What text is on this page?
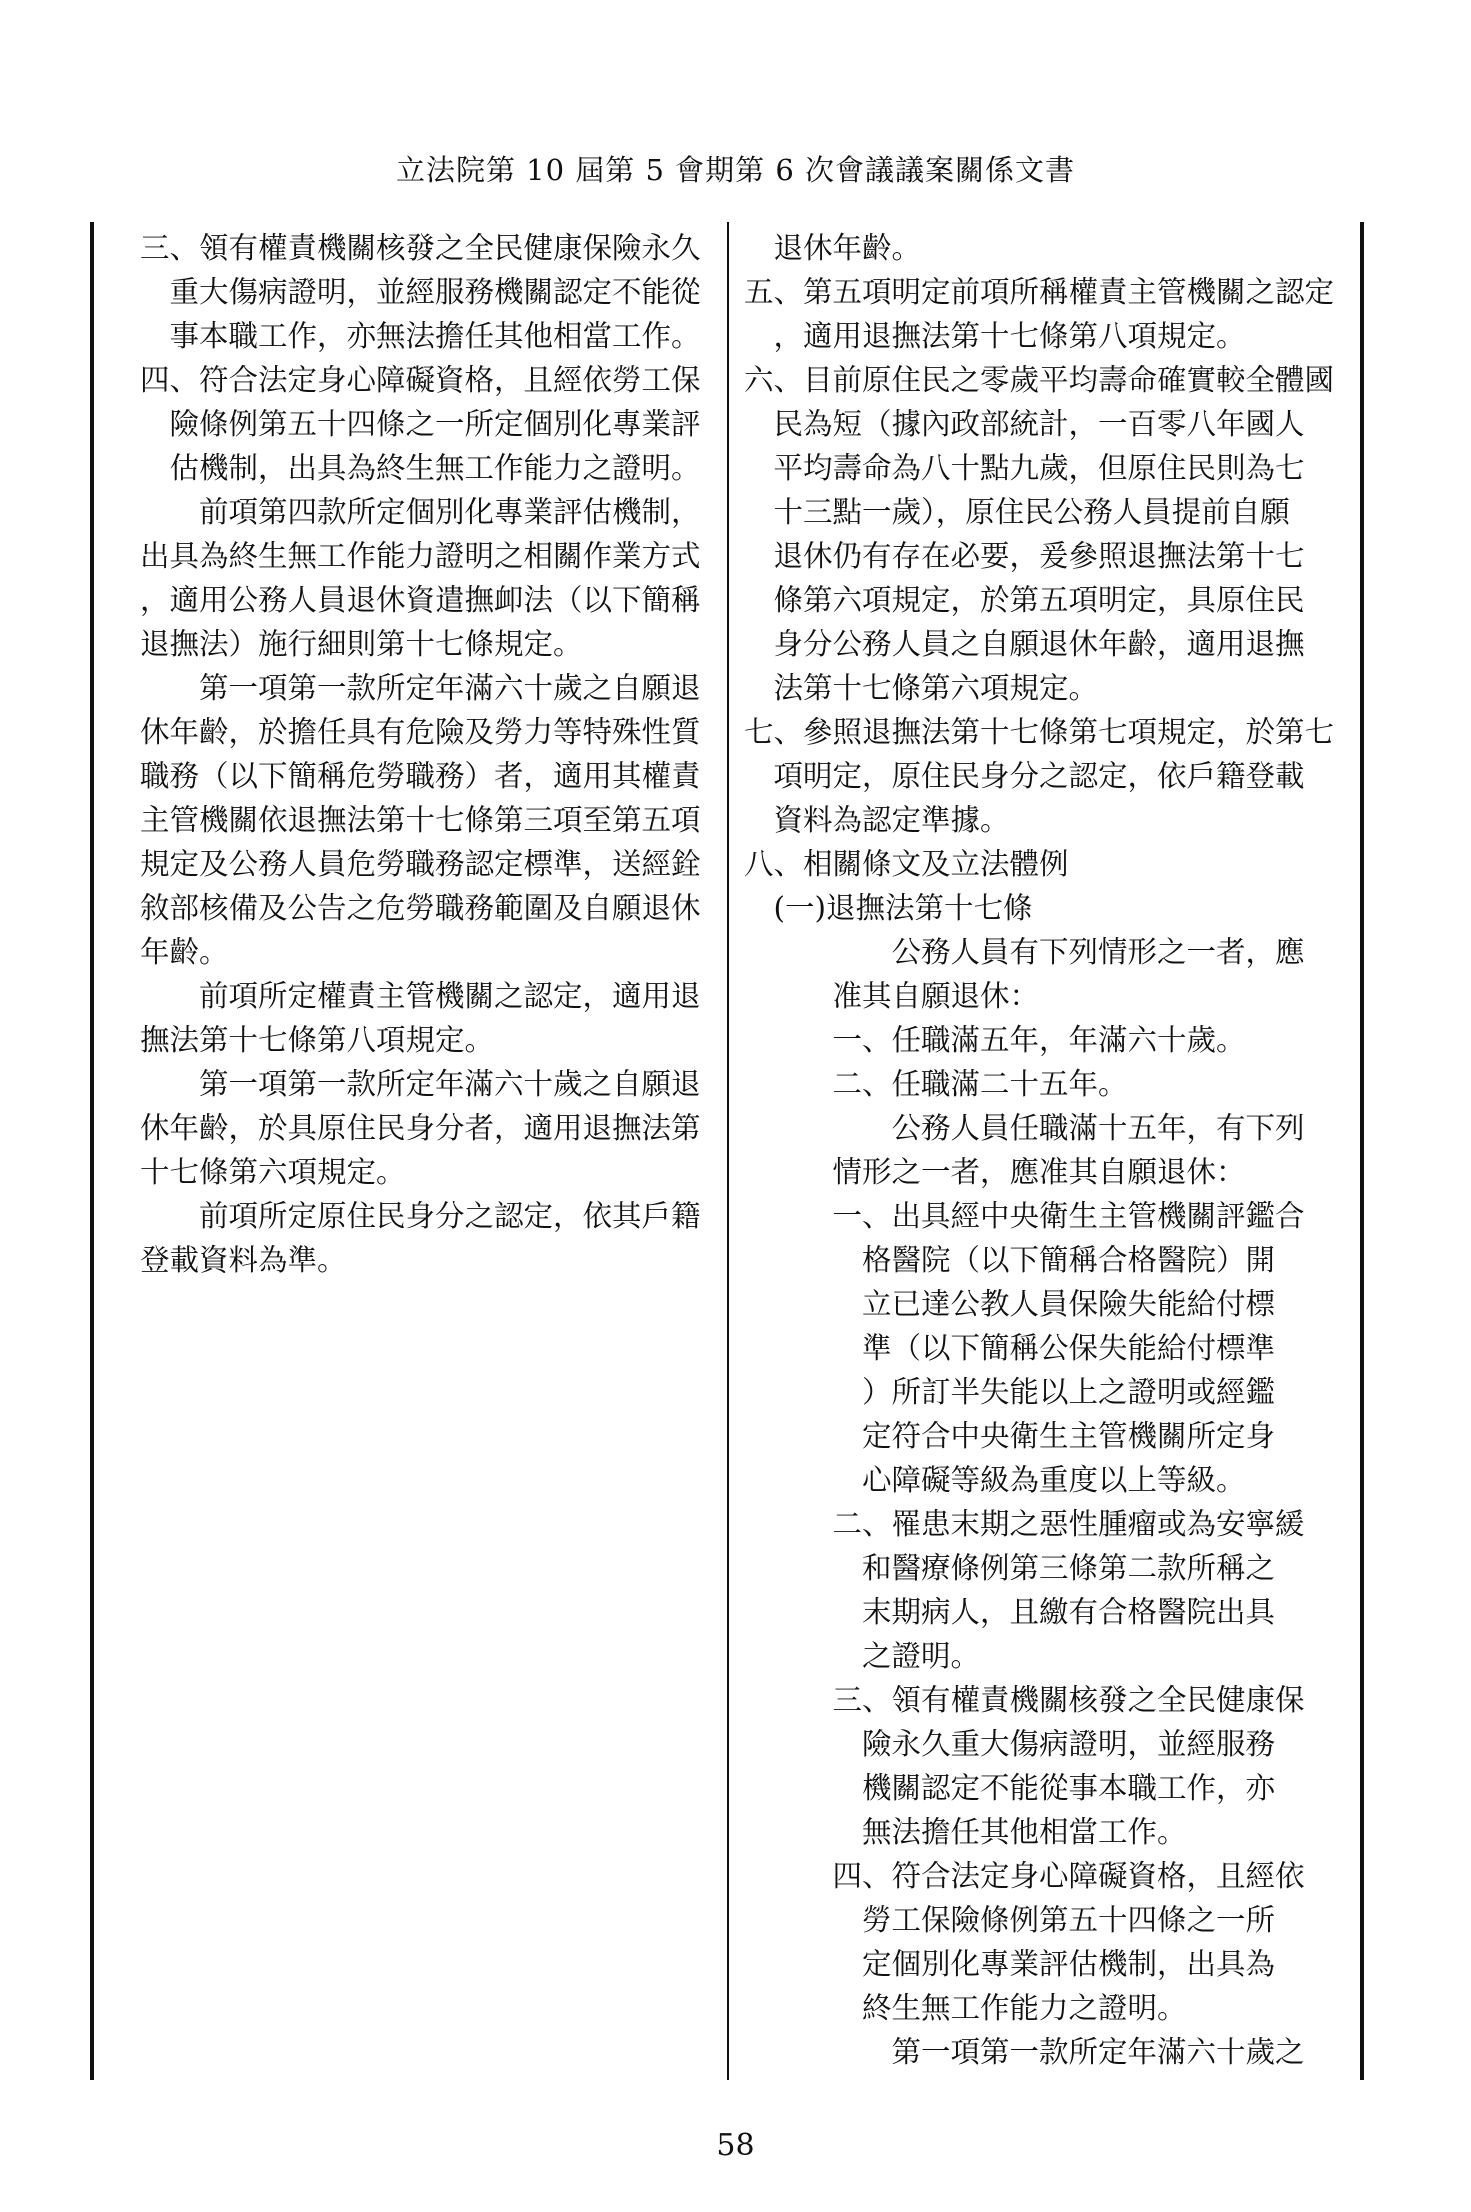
立法院第 10 屆第 5 會期第 6 次會議議案關係文書
三、領有權責機關核發之全民健康保險永久
重大傷病證明，並經服務機關認定不能從
事本職工作，亦無法擔任其他相當工作。
四、符合法定身心障礙資格，且經依勞工保
險條例第五十四條之一所定個別化專業評
估機制，出具為終生無工作能力之證明。
前項第四款所定個別化專業評估機制，
出具為終生無工作能力證明之相關作業方式
，適用公務人員退休資遣撫卹法（以下簡稱
退撫法）施行細則第十七條規定。
第一項第一款所定年滿六十歲之自願退
休年齡，於擔任具有危險及勞力等特殊性質
職務（以下簡稱危勞職務）者，適用其權責
主管機關依退撫法第十七條第三項至第五項
規定及公務人員危勞職務認定標準，送經銓
敘部核備及公告之危勞職務範圍及自願退休
年齡。
前項所定權責主管機關之認定，適用退
撫法第十七條第八項規定。
第一項第一款所定年滿六十歲之自願退
休年齡，於具原住民身分者，適用退撫法第
十七條第六項規定。
前項所定原住民身分之認定，依其戶籍
登載資料為準。
退休年齡。
五、第五項明定前項所稱權責主管機關之認定
，適用退撫法第十七條第八項規定。
六、目前原住民之零歲平均壽命確實較全體國
民為短（據內政部統計，一百零八年國人
平均壽命為八十點九歲，但原住民則為七
十三點一歲），原住民公務人員提前自願
退休仍有存在必要，爰參照退撫法第十七
條第六項規定，於第五項明定，具原住民
身分公務人員之自願退休年齡，適用退撫
法第十七條第六項規定。
七、參照退撫法第十七條第七項規定，於第七
項明定，原住民身分之認定，依戶籍登載
資料為認定準據。
八、相關條文及立法體例
(一)退撫法第十七條
公務人員有下列情形之一者，應
准其自願退休：
一、任職滿五年，年滿六十歲。
二、任職滿二十五年。
公務人員任職滿十五年，有下列
情形之一者，應准其自願退休：
一、出具經中央衛生主管機關評鑑合
格醫院（以下簡稱合格醫院）開
立已達公教人員保險失能給付標
準（以下簡稱公保失能給付標準
）所訂半失能以上之證明或經鑑
定符合中央衛生主管機關所定身
心障礙等級為重度以上等級。
二、罹患末期之惡性腫瘤或為安寧緩
和醫療條例第三條第二款所稱之
末期病人，且繳有合格醫院出具
之證明。
三、領有權責機關核發之全民健康保
險永久重大傷病證明，並經服務
機關認定不能從事本職工作，亦
無法擔任其他相當工作。
四、符合法定身心障礙資格，且經依
勞工保險條例第五十四條之一所
定個別化專業評估機制，出具為
終生無工作能力之證明。
第一項第一款所定年滿六十歲之
58
